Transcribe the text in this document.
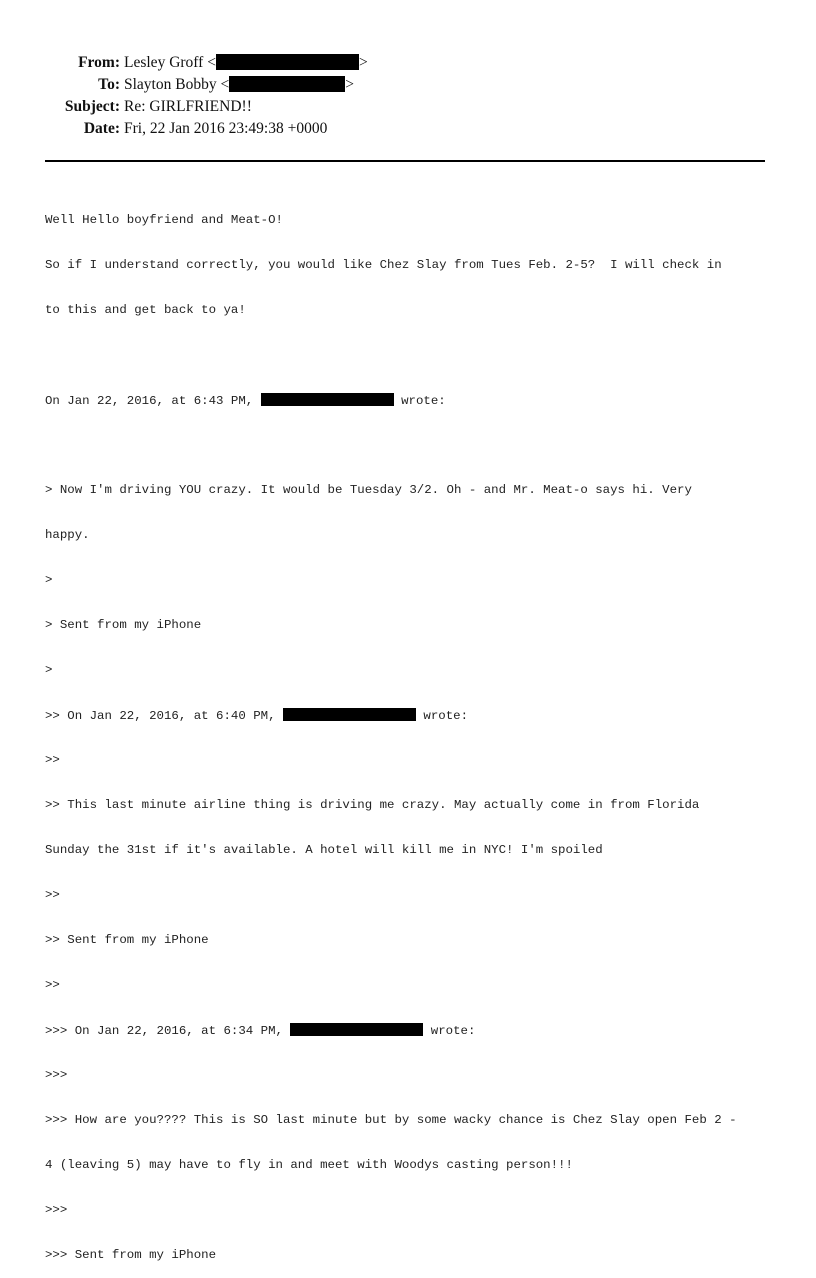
From: Lesley Groff <	>
To: Slayton Bobby <	>
Subject: Re: GIRLFRIEND!!
Date: Fri, 22 Jan 2016 23:49:38 +0000

Well Hello boyfriend and Meat-O!

So if I understand correctly, you would like Chez Slay from Tues Feb. 2-5?  I will check in

to this and get back to ya!

On Jan 22, 2016, at 6:43 PM,	wrote:

> Now I'm driving YOU crazy. It would be Tuesday 3/2. Oh - and Mr. Meat-o says hi. Very

happy.

>

> Sent from my iPhone

>

>> On Jan 22, 2016, at 6:40 PM,	wrote:

>>

>> This last minute airline thing is driving me crazy. May actually come in from Florida

Sunday the 31st if it's available. A hotel will kill me in NYC! I'm spoiled

>>

>> Sent from my iPhone

>>

>>> On Jan 22, 2016, at 6:34 PM,	wrote:

>>>

>>> How are you???? This is SO last minute but by some wacky chance is Chez Slay open Feb 2 -

4 (leaving 5) may have to fly in and meet with Woodys casting person!!!

>>>

>>> Sent from my iPhone
